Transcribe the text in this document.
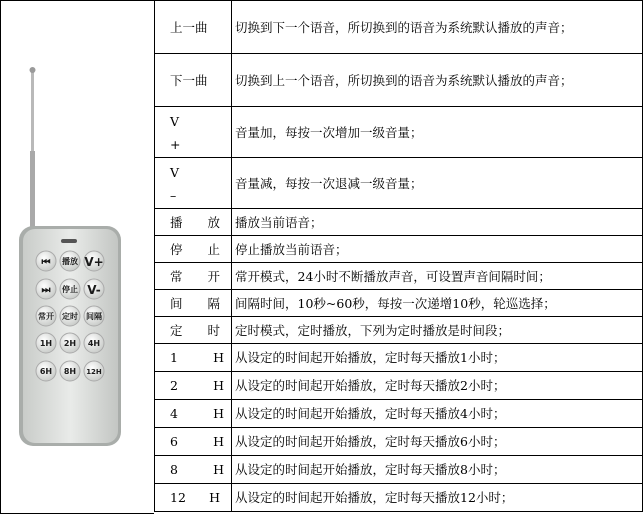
⏮ 播放 V+
⏭ 停止 V-
常开 定时 间隔
1H 2H 4H
6H 8H 12H
上一曲	切换到下一个语音，所切换到的语音为系统默认播放的声音；
下一曲	切换到上一个语音，所切换到的语音为系统默认播放的声音；

V
+	音量加，每按一次增加一级音量；

V
–	音量减，每按一次退减一级音量；

播 放	播放当前语音；

停 止	停止播放当前语音；

常 开	常开模式，24小时不断播放声音，可设置声音间隔时间；

间 隔	间隔时间，10秒~60秒，每按一次递增10秒，轮巡选择；

定 时	定时模式，定时播放，下列为定时播放是时间段；

1 H	从设定的时间起开始播放，定时每天播放1小时；

2 H	从设定的时间起开始播放，定时每天播放2小时；

4 H	从设定的时间起开始播放，定时每天播放4小时；

6 H	从设定的时间起开始播放，定时每天播放6小时；

8 H	从设定的时间起开始播放，定时每天播放8小时；

12 H	从设定的时间起开始播放，定时每天播放12小时；
